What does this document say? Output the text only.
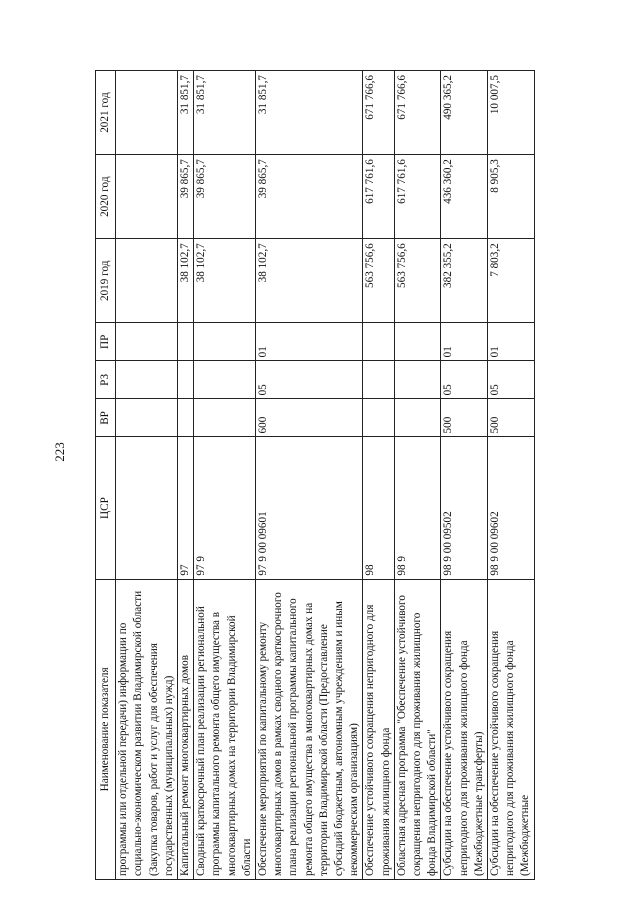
223
Наименование показателя	ЦСР	ВР	РЗ	ПР	2019 год	2020 год	2021 год
программы или отдельной передачи) информации по социально-экономическом развитии Владимирской области (Закупка товаров, работ и услуг для обеспечения государственных (муниципальных) нужд)							
Капитальный ремонт многоквартирных домов	97				38 102,7	39 865,7	31 851,7
Сводный краткосрочный план реализации региональной программы капитального ремонта общего имущества в многоквартирных домах на территории Владимирской области	97 9				38 102,7	39 865,7	31 851,7
Обеспечение мероприятий по капитальному ремонту многоквартирных домов в рамках сводного краткосрочного плана реализации региональной программы капитального ремонта общего имущества в многоквартирных домах на территории Владимирской области (Предоставление субсидий бюджетным, автономным учреждениям и иным некоммерческим организациям)	97 9 00 09601	600	05	01	38 102,7	39 865,7	31 851,7
Обеспечение устойчивого сокращения непригодного для проживания жилищного фонда	98				563 756,6	617 761,6	671 766,6
Областная адресная программа "Обеспечение устойчивого сокращения непригодного для проживания жилищного фонда Владимирской области"	98 9				563 756,6	617 761,6	671 766,6
Субсидии на обеспечение устойчивого сокращения непригодного для проживания жилищного фонда (Межбюджетные трансферты)	98 9 00 09502	500	05	01	382 355,2	436 360,2	490 365,2
Субсидии на обеспечение устойчивого сокращения непригодного для проживания жилищного фонда (Межбюджетные	98 9 00 09602	500	05	01	7 803,2	8 905,3	10 007,5
